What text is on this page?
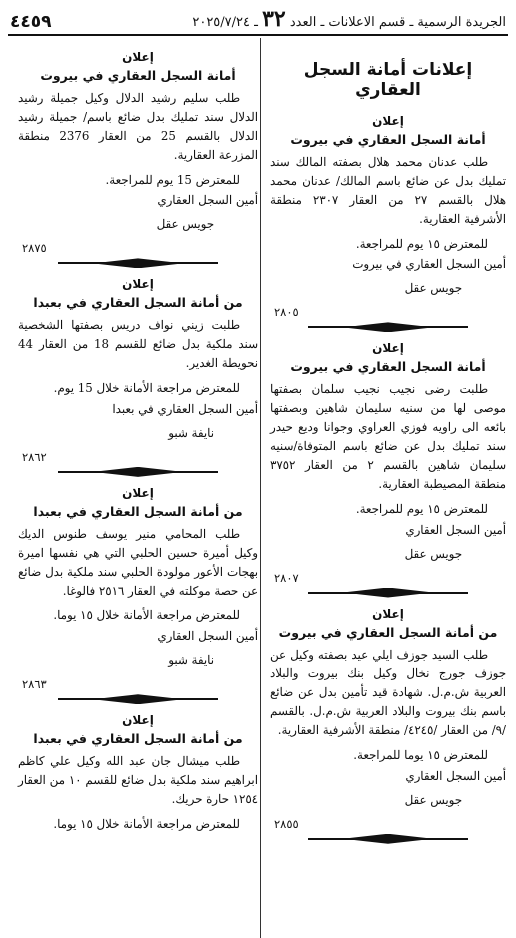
الجريدة الرسمية ـ قسم الاعلانات ـ العدد ٣٢ ـ ٢٠٢٥/٧/٢٤
٤٤٥٩
إعلانات أمانة السجل العقاري
إعلان
أمانة السجل العقاري في بيروت

طلب عدنان محمد هلال بصفته المالك سند تمليك بدل عن ضائع باسم المالك/ عدنان محمد هلال بالقسم ٢٧ من العقار ٢٣٠٧ منطقة الأشرفية العقارية.

للمعترض ١٥ يوم للمراجعة.
أمين السجل العقاري في بيروت
جويس عقل
٢٨٠٥
إعلان
أمانة السجل العقاري في بيروت

طلبت رضى نجيب نجيب سلمان بصفتها موصى لها من سنيه سليمان شاهين وبصفتها بائعه الى راويه فوزي العراوي وجوانا وديع حيدر سند تمليك بدل عن ضائع باسم المتوفاة/سنيه سليمان شاهين بالقسم ٢ من العقار ٣٧٥٢ منطقة المصيطبة العقارية.

للمعترض ١٥ يوم للمراجعة.
أمين السجل العقاري
جويس عقل
٢٨٠٧
إعلان
من أمانة السجل العقاري في بيروت

طلب السيد جوزف ايلي عيد بصفته وكيل عن جوزف جورج نخال وكيل بنك بيروت والبلاد العربية ش.م.ل. شهادة قيد تأمين بدل عن ضائع باسم بنك بيروت والبلاد العربية ش.م.ل. بالقسم /٩/ من العقار /٤٢٤٥/ منطقة الأشرفية العقارية.

للمعترض ١٥ يوما للمراجعة.
أمين السجل العقاري
جويس عقل
٢٨٥٥
إعلان
أمانة السجل العقاري في بيروت

طلب سليم رشيد الدلال وكيل جميلة رشيد الدلال سند تمليك بدل ضائع باسم/ جميلة رشيد الدلال بالقسم 25 من العقار 2376 منطقة المزرعة العقارية.

للمعترض 15 يوم للمراجعة.
أمين السجل العقاري
جويس عقل
٢٨٧٥
إعلان
من أمانة السجل العقاري في بعبدا

طلبت زيني نواف دريس بصفتها الشخصية سند ملكية بدل ضائع للقسم 18 من العقار 44 نحويطة الغدير.

للمعترض مراجعة الأمانة خلال 15 يوم.
أمين السجل العقاري في بعبدا
نايفة شبو
٢٨٦٢
إعلان
من أمانة السجل العقاري في بعبدا

طلب المحامي منير يوسف طنوس الديك وكيل أميرة حسين الحلبي التي هي نفسها اميرة بهجات الأعور مولودة الحلبي سند ملكية بدل ضائع عن حصة موكلته في العقار ٢٥١٦ فالوغا.

للمعترض مراجعة الأمانة خلال ١٥ يوما.
أمين السجل العقاري
نايفة شبو
٢٨٦٣
إعلان
من أمانة السجل العقاري في بعبدا

طلب ميشال جان عبد الله وكيل علي كاظم ابراهيم سند ملكية بدل ضائع للقسم ١٠ من العقار ١٢٥٤ حارة حريك.

للمعترض مراجعة الأمانة خلال ١٥ يوما.
